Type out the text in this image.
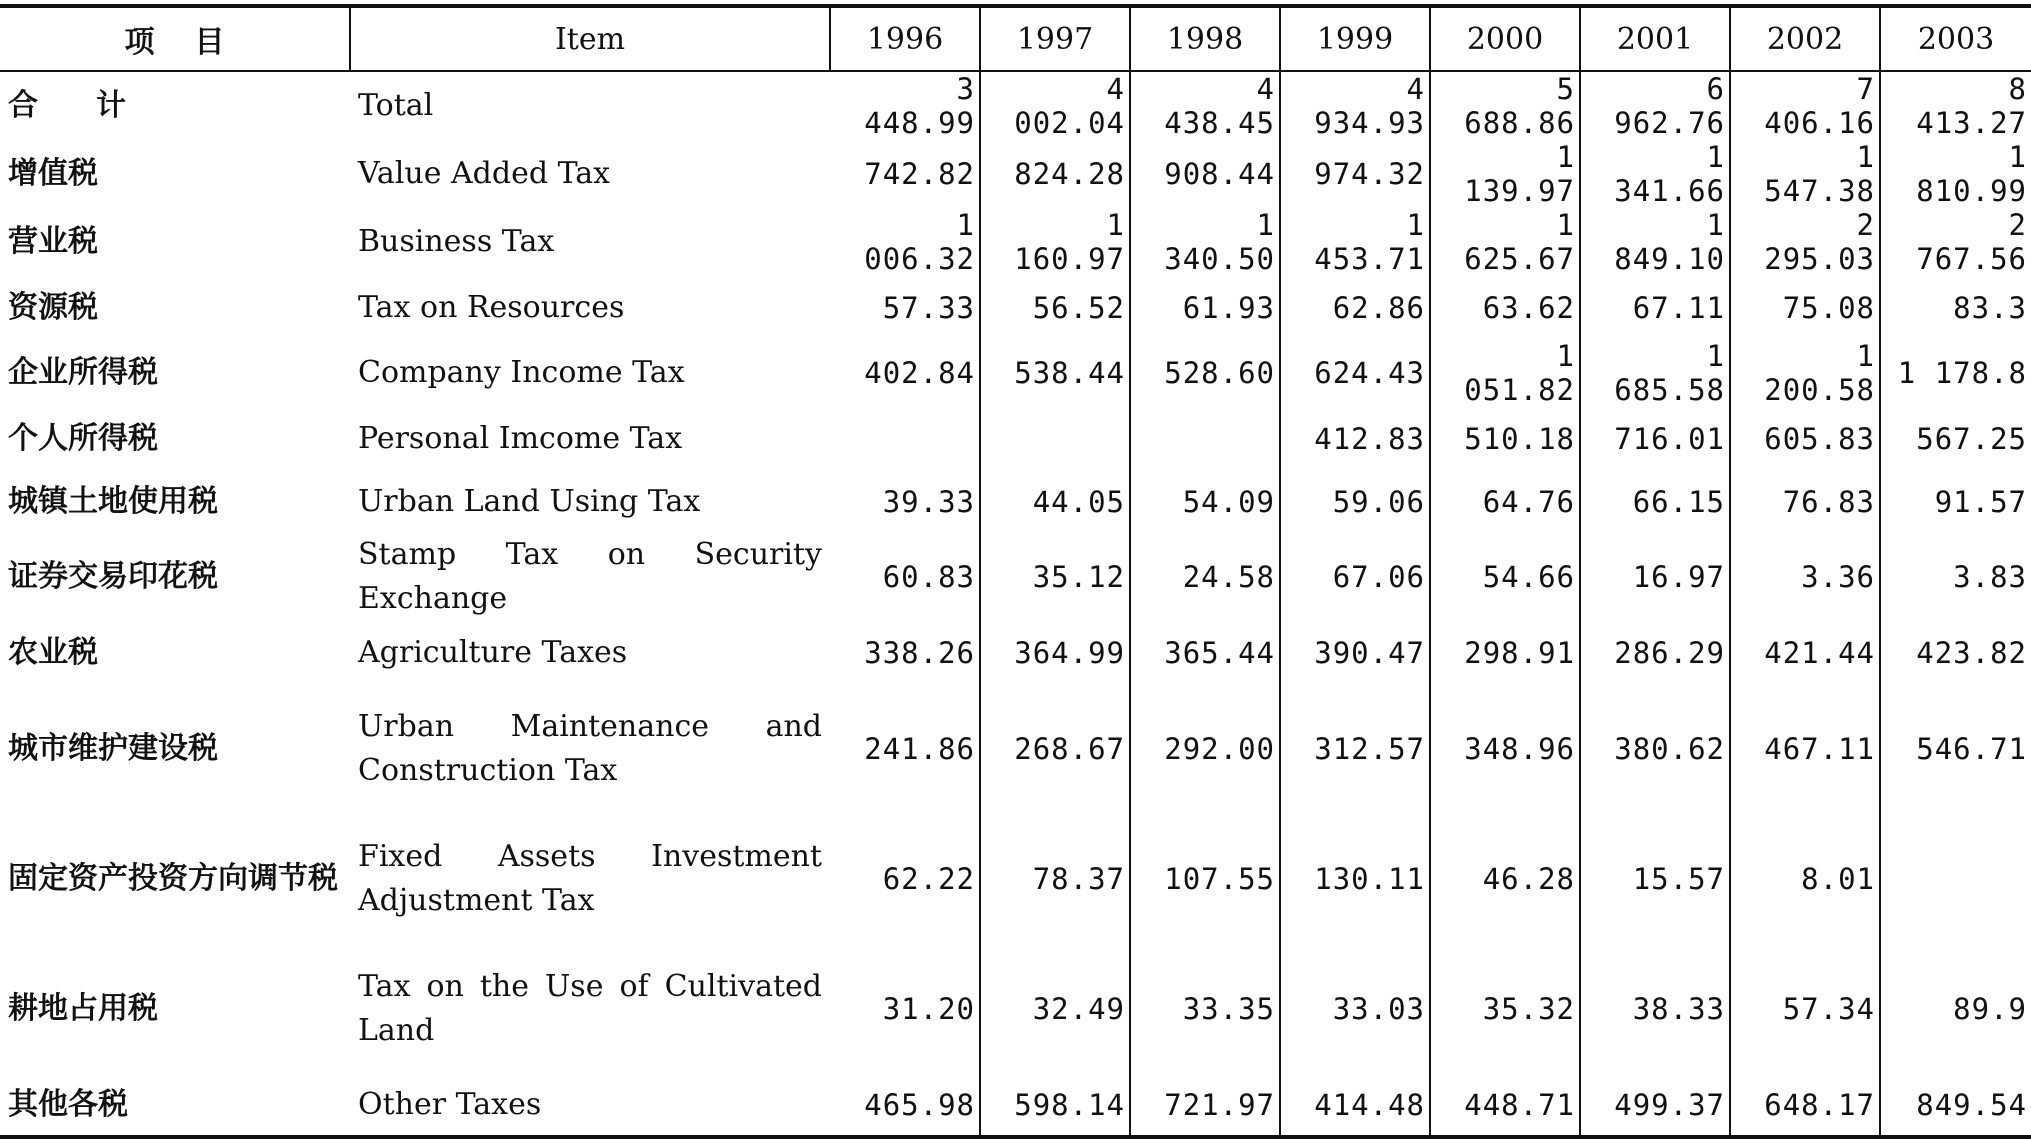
项目	Item	1996	1997	1998	1999	2000	2001	2002	2003
合计	Total	3 448.99	4 002.04	4 438.45	4 934.93	5 688.86	6 962.76	7 406.16	8 413.27
增值税	Value Added Tax	742.82	824.28	908.44	974.32	1 139.97	1 341.66	1 547.38	1 810.99
营业税	Business Tax	1 006.32	1 160.97	1 340.50	1 453.71	1 625.67	1 849.10	2 295.03	2 767.56
资源税	Tax on Resources	57.33	56.52	61.93	62.86	63.62	67.11	75.08	83.3
企业所得税	Company Income Tax	402.84	538.44	528.60	624.43	1 051.82	1 685.58	1 200.58	1 178.8
个人所得税	Personal Imcome Tax				412.83	510.18	716.01	605.83	567.25
城镇土地使用税	Urban Land Using Tax	39.33	44.05	54.09	59.06	64.76	66.15	76.83	91.57
证券交易印花税	Stamp Tax on Security Exchange	60.83	35.12	24.58	67.06	54.66	16.97	3.36	3.83
农业税	Agriculture Taxes	338.26	364.99	365.44	390.47	298.91	286.29	421.44	423.82
城市维护建设税	Urban Maintenance and Construction Tax	241.86	268.67	292.00	312.57	348.96	380.62	467.11	546.71
固定资产投资方向调节税	Fixed Assets Investment Adjustment Tax	62.22	78.37	107.55	130.11	46.28	15.57	8.01	
耕地占用税	Tax on the Use of Cultivated Land	31.20	32.49	33.35	33.03	35.32	38.33	57.34	89.9
其他各税	Other Taxes	465.98	598.14	721.97	414.48	448.71	499.37	648.17	849.54
